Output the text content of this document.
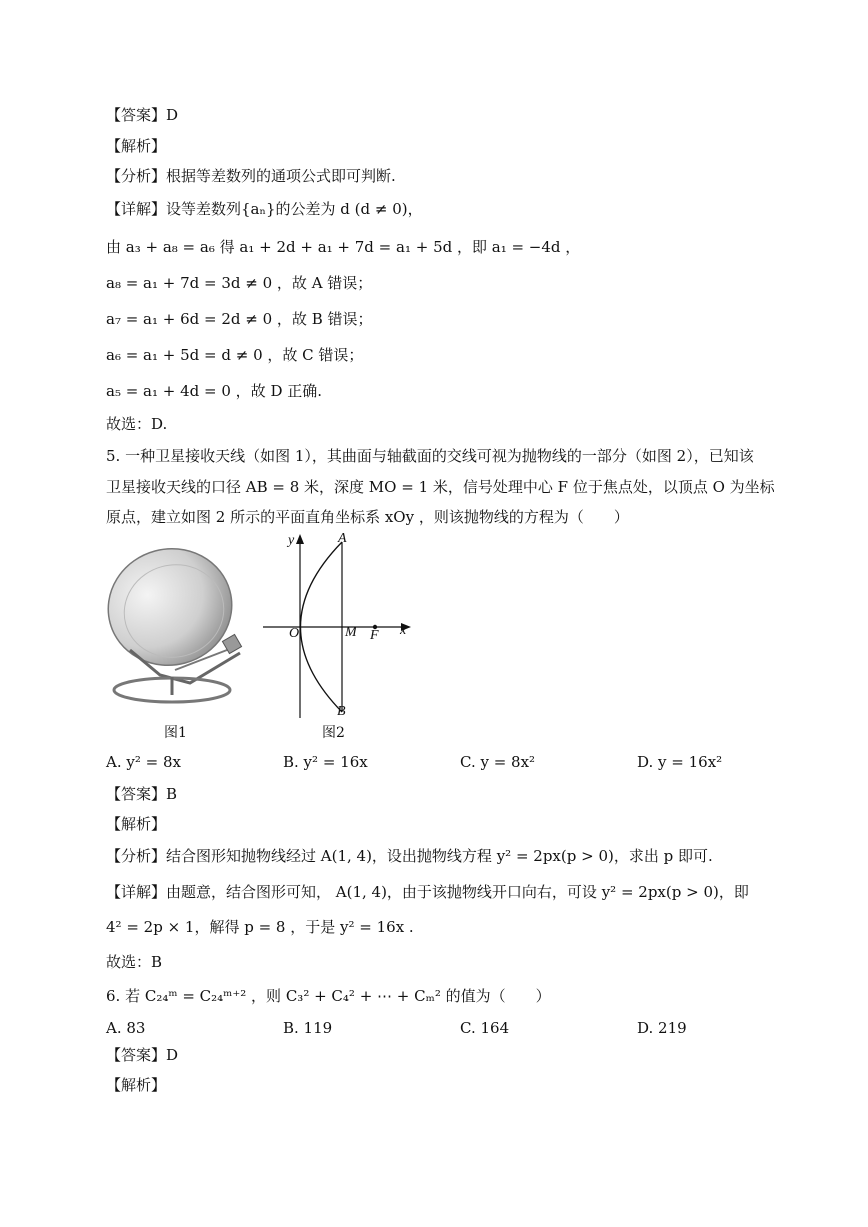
【答案】D
【解析】
【分析】根据等差数列的通项公式即可判断.
【详解】设等差数列{aₙ}的公差为 d (d ≠ 0)，
由 a₃ + a₈ = a₆ 得 a₁ + 2d + a₁ + 7d = a₁ + 5d ，即 a₁ = −4d ，
a₈ = a₁ + 7d = 3d ≠ 0 ，故 A 错误；
a₇ = a₁ + 6d = 2d ≠ 0 ，故 B 错误；
a₆ = a₁ + 5d = d ≠ 0 ，故 C 错误；
a₅ = a₁ + 4d = 0 ，故 D 正确.
故选：D.
5. 一种卫星接收天线（如图 1），其曲面与轴截面的交线可视为抛物线的一部分（如图 2），已知该
卫星接收天线的口径 AB = 8 米，深度 MO = 1 米，信号处理中心 F 位于焦点处，以顶点 O 为坐标
原点，建立如图 2 所示的平面直角坐标系 xOy ，则该抛物线的方程为（　　）
图1
y	A
O	M F x
B
图2
A. y² = 8x	B. y² = 16x	C. y = 8x²	D. y = 16x²
【答案】B
【解析】
【分析】结合图形知抛物线经过 A(1, 4)，设出抛物线方程 y² = 2px(p > 0)，求出 p 即可.
【详解】由题意，结合图形可知， A(1, 4)，由于该抛物线开口向右，可设 y² = 2px(p > 0)，即
4² = 2p × 1，解得 p = 8 ，于是 y² = 16x .
故选：B
6. 若 C₂₄ᵐ = C₂₄ᵐ⁺² ，则 C₃² + C₄² + ⋯ + Cₘ² 的值为（　　）
A. 83	B. 119	C. 164	D. 219
【答案】D
【解析】
